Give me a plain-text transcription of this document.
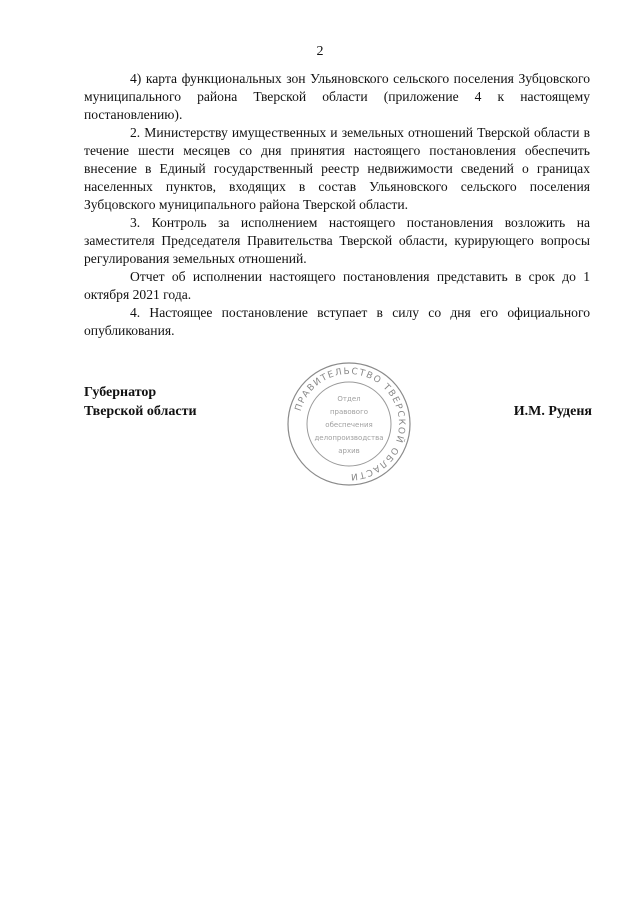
2

4) карта функциональных зон Ульяновского сельского поселения Зубцовского муниципального района Тверской области (приложение 4 к настоящему постановлению).

2. Министерству имущественных и земельных отношений Тверской области в течение шести месяцев со дня принятия настоящего постановления обеспечить внесение в Единый государственный реестр недвижимости сведений о границах населенных пунктов, входящих в состав Ульяновского сельского поселения Зубцовского муниципального района Тверской области.

3. Контроль за исполнением настоящего постановления возложить на заместителя Председателя Правительства Тверской области, курирующего вопросы регулирования земельных отношений.

Отчет об исполнении настоящего постановления представить в срок до 1 октября 2021 года.

4. Настоящее постановление вступает в силу со дня его официального опубликования.

Губернатор
Тверской области	ПРАВИТЕЛЬСТВО ТВЕРСКОЙ ОБЛАСТИ
Отдел
правового
обеспечения
делопроизводства
архив
И.М. Руденя
